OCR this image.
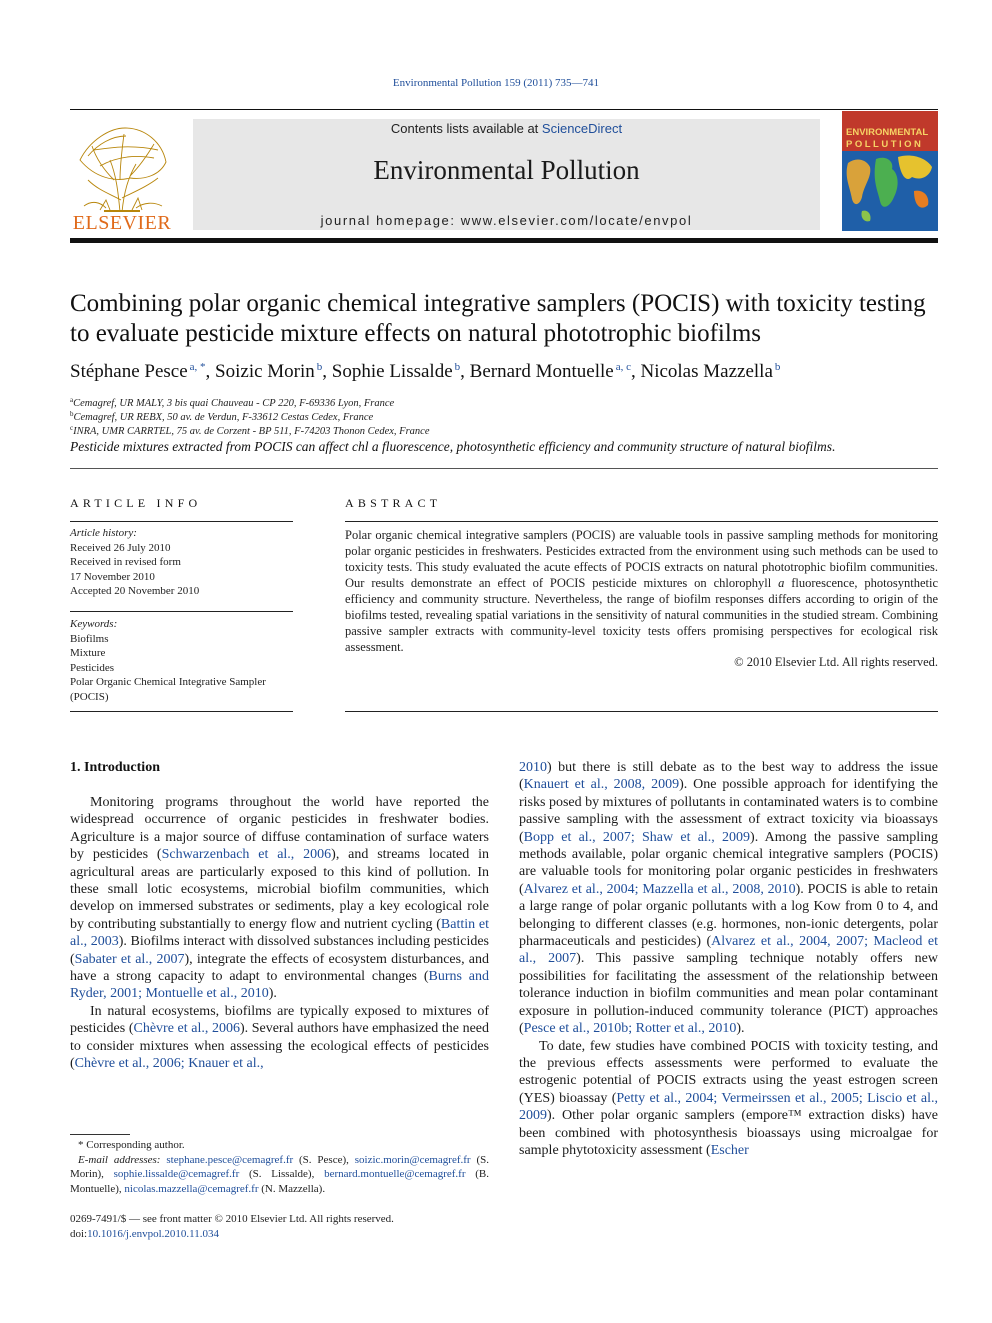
Environmental Pollution 159 (2011) 735—741
ELSEVIER
Contents lists available at ScienceDirect
Environmental Pollution
journal homepage: www.elsevier.com/locate/envpol
ENVIRONMENTAL
POLLUTION
Combining polar organic chemical integrative samplers (POCIS) with toxicity testing to evaluate pesticide mixture effects on natural phototrophic biofilms
Stéphane Pesce $^{a, *}$, Soizic Morin $^b$, Sophie Lissalde $^b$, Bernard Montuelle $^{a, c}$, Nicolas Mazzella $^b$
$^a$Cemagref, UR MALY, 3 bis quai Chauveau - CP 220, F-69336 Lyon, France
$^b$Cemagref, UR REBX, 50 av. de Verdun, F-33612 Cestas Cedex, France
$^c$INRA, UMR CARRTEL, 75 av. de Corzent - BP 511, F-74203 Thonon Cedex, France
Pesticide mixtures extracted from POCIS can affect chl a fluorescence, photosynthetic efficiency and community structure of natural biofilms.
ARTICLE INFO
Article history:
Received 26 July 2010
Received in revised form
17 November 2010
Accepted 20 November 2010
Keywords:
Biofilms
Mixture
Pesticides
Polar Organic Chemical Integrative Sampler
(POCIS)
ABSTRACT
Polar organic chemical integrative samplers (POCIS) are valuable tools in passive sampling methods for monitoring polar organic pesticides in freshwaters. Pesticides extracted from the environment using such methods can be used to toxicity tests. This study evaluated the acute effects of POCIS extracts on natural phototrophic biofilm communities. Our results demonstrate an effect of POCIS pesticide mixtures on chlorophyll a fluorescence, photosynthetic efficiency and community structure. Nevertheless, the range of biofilm responses differs according to origin of the biofilms tested, revealing spatial variations in the sensitivity of natural communities in the studied stream. Combining passive sampler extracts with community-level toxicity tests offers promising perspectives for ecological risk assessment.
© 2010 Elsevier Ltd. All rights reserved.
1. Introduction

Monitoring programs throughout the world have reported the widespread occurrence of organic pesticides in freshwater bodies. Agriculture is a major source of diffuse contamination of surface waters by pesticides (Schwarzenbach et al., 2006), and streams located in agricultural areas are particularly exposed to this kind of pollution. In these small lotic ecosystems, microbial biofilm communities, which develop on immersed substrates or sediments, play a key ecological role by contributing substantially to energy flow and nutrient cycling (Battin et al., 2003). Biofilms interact with dissolved substances including pesticides (Sabater et al., 2007), integrate the effects of ecosystem disturbances, and have a strong capacity to adapt to environmental changes (Burns and Ryder, 2001; Montuelle et al., 2010).

In natural ecosystems, biofilms are typically exposed to mixtures of pesticides (Chèvre et al., 2006). Several authors have emphasized the need to consider mixtures when assessing the ecological effects of pesticides (Chèvre et al., 2006; Knauer et al.,

2010) but there is still debate as to the best way to address the issue (Knauert et al., 2008, 2009). One possible approach for identifying the risks posed by mixtures of pollutants in contaminated waters is to combine passive sampling with the assessment of extract toxicity via bioassays (Bopp et al., 2007; Shaw et al., 2009). Among the passive sampling methods available, polar organic chemical integrative samplers (POCIS) are valuable tools for monitoring polar organic pesticides in freshwaters (Alvarez et al., 2004; Mazzella et al., 2008, 2010). POCIS is able to retain a large range of polar organic pollutants with a log Kow from 0 to 4, and belonging to different classes (e.g. hormones, non-ionic detergents, polar pharmaceuticals and pesticides) (Alvarez et al., 2004, 2007; Macleod et al., 2007). This passive sampling technique notably offers new possibilities for facilitating the assessment of the relationship between tolerance induction in biofilm communities and mean polar contaminant exposure in pollution-induced community tolerance (PICT) approaches (Pesce et al., 2010b; Rotter et al., 2010).

To date, few studies have combined POCIS with toxicity testing, and the previous effects assessments were performed to evaluate the estrogenic potential of POCIS extracts using the yeast estrogen screen (YES) bioassay (Petty et al., 2004; Vermeirssen et al., 2005; Liscio et al., 2009). Other polar organic samplers (empore™ extraction disks) have been combined with photosynthesis bioassays using microalgae for sample phytotoxicity assessment (Escher

* Corresponding author.
E-mail addresses: stephane.pesce@cemagref.fr (S. Pesce), soizic.morin@cemagref.fr (S. Morin), sophie.lissalde@cemagref.fr (S. Lissalde), bernard.montuelle@cemagref.fr (B. Montuelle), nicolas.mazzella@cemagref.fr (N. Mazzella).
0269-7491/$ — see front matter © 2010 Elsevier Ltd. All rights reserved.
doi:10.1016/j.envpol.2010.11.034
